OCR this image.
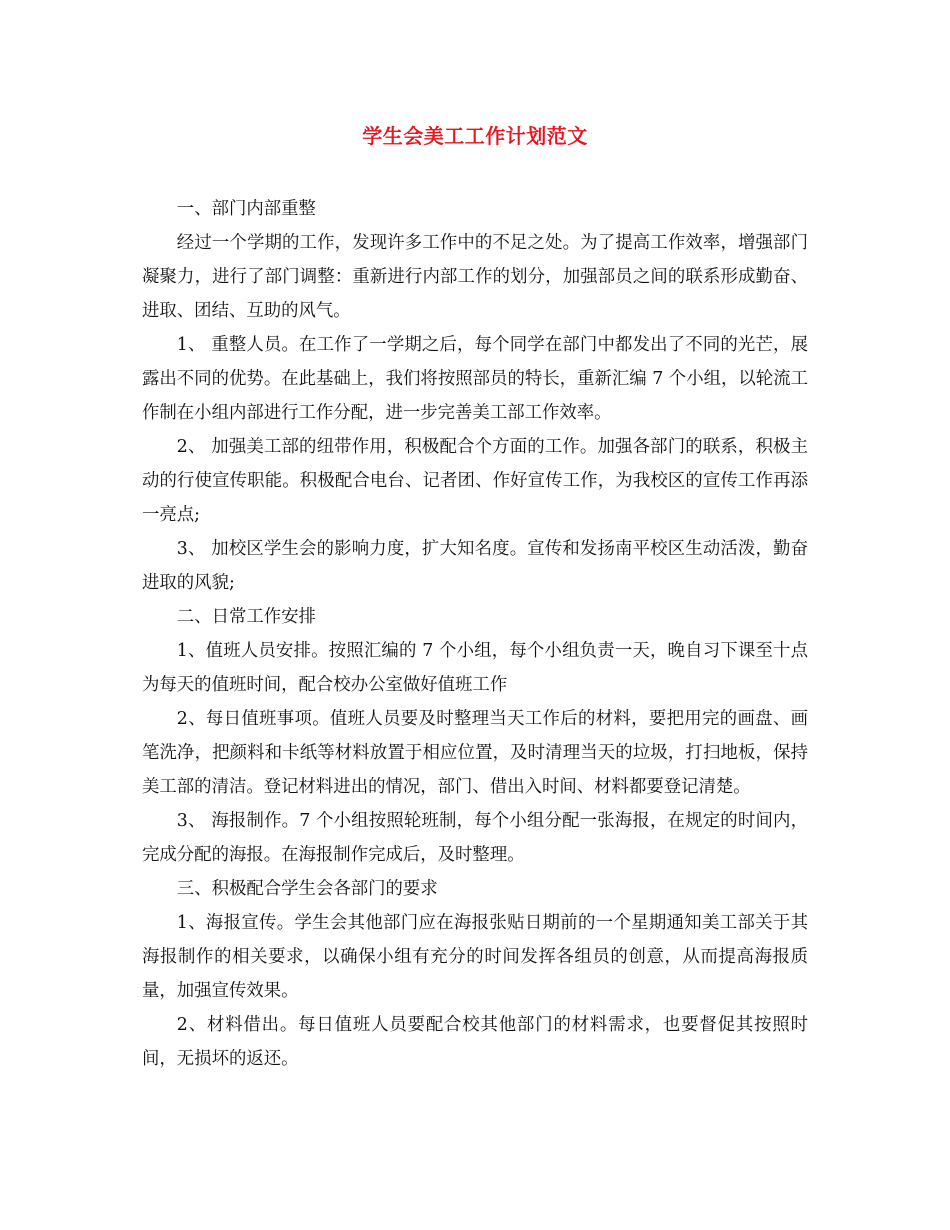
学生会美工工作计划范文

一、部门内部重整

经过一个学期的工作，发现许多工作中的不足之处。为了提高工作效率，增强部门凝聚力，进行了部门调整：重新进行内部工作的划分，加强部员之间的联系形成勤奋、进取、团结、互助的风气。

1、 重整人员。在工作了一学期之后，每个同学在部门中都发出了不同的光芒，展露出不同的优势。在此基础上，我们将按照部员的特长，重新汇编 7 个小组，以轮流工作制在小组内部进行工作分配，进一步完善美工部工作效率。

2、 加强美工部的纽带作用，积极配合个方面的工作。加强各部门的联系，积极主动的行使宣传职能。积极配合电台、记者团、作好宣传工作，为我校区的宣传工作再添一亮点;

3、 加校区学生会的影响力度，扩大知名度。宣传和发扬南平校区生动活泼，勤奋进取的风貌;

二、日常工作安排

1、值班人员安排。按照汇编的 7 个小组，每个小组负责一天，晚自习下课至十点为每天的值班时间，配合校办公室做好值班工作

2、每日值班事项。值班人员要及时整理当天工作后的材料，要把用完的画盘、画笔洗净，把颜料和卡纸等材料放置于相应位置，及时清理当天的垃圾，打扫地板，保持美工部的清洁。登记材料进出的情况，部门、借出入时间、材料都要登记清楚。

3、 海报制作。7 个小组按照轮班制，每个小组分配一张海报，在规定的时间内，完成分配的海报。在海报制作完成后，及时整理。

三、积极配合学生会各部门的要求

1、海报宣传。学生会其他部门应在海报张贴日期前的一个星期通知美工部关于其海报制作的相关要求，以确保小组有充分的时间发挥各组员的创意，从而提高海报质量，加强宣传效果。

2、材料借出。每日值班人员要配合校其他部门的材料需求，也要督促其按照时间，无损坏的返还。
